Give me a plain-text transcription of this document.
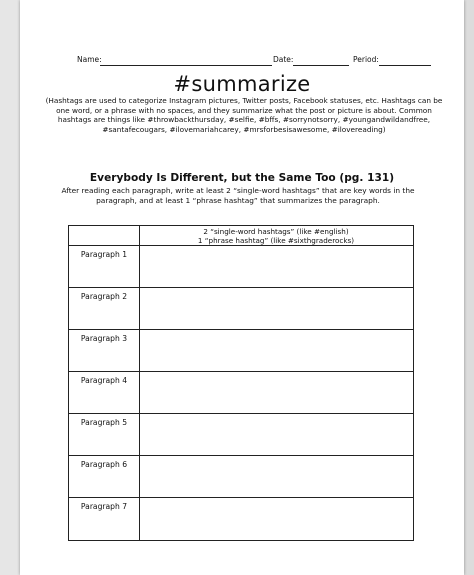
Name:	Date:	Period:
#summarize
(Hashtags are used to categorize Instagram pictures, Twitter posts, Facebook statuses, etc. Hashtags can be one word, or a phrase with no spaces, and they summarize what the post or picture is about. Common hashtags are things like #throwbackthursday, #selfie, #bffs, #sorrynotsorry, #youngandwildandfree, #santafecougars, #ilovemariahcarey, #mrsforbesisawesome, #ilovereading)
Everybody Is Different, but the Same Too (pg. 131)
After reading each paragraph, write at least 2 “single-word hashtags” that are key words in the paragraph, and at least 1 “phrase hashtag” that summarizes the paragraph.
2 “single-word hashtags” (like #english)
1 “phrase hashtag” (like #sixthgraderocks)
Paragraph 1
Paragraph 2
Paragraph 3
Paragraph 4
Paragraph 5
Paragraph 6
Paragraph 7
